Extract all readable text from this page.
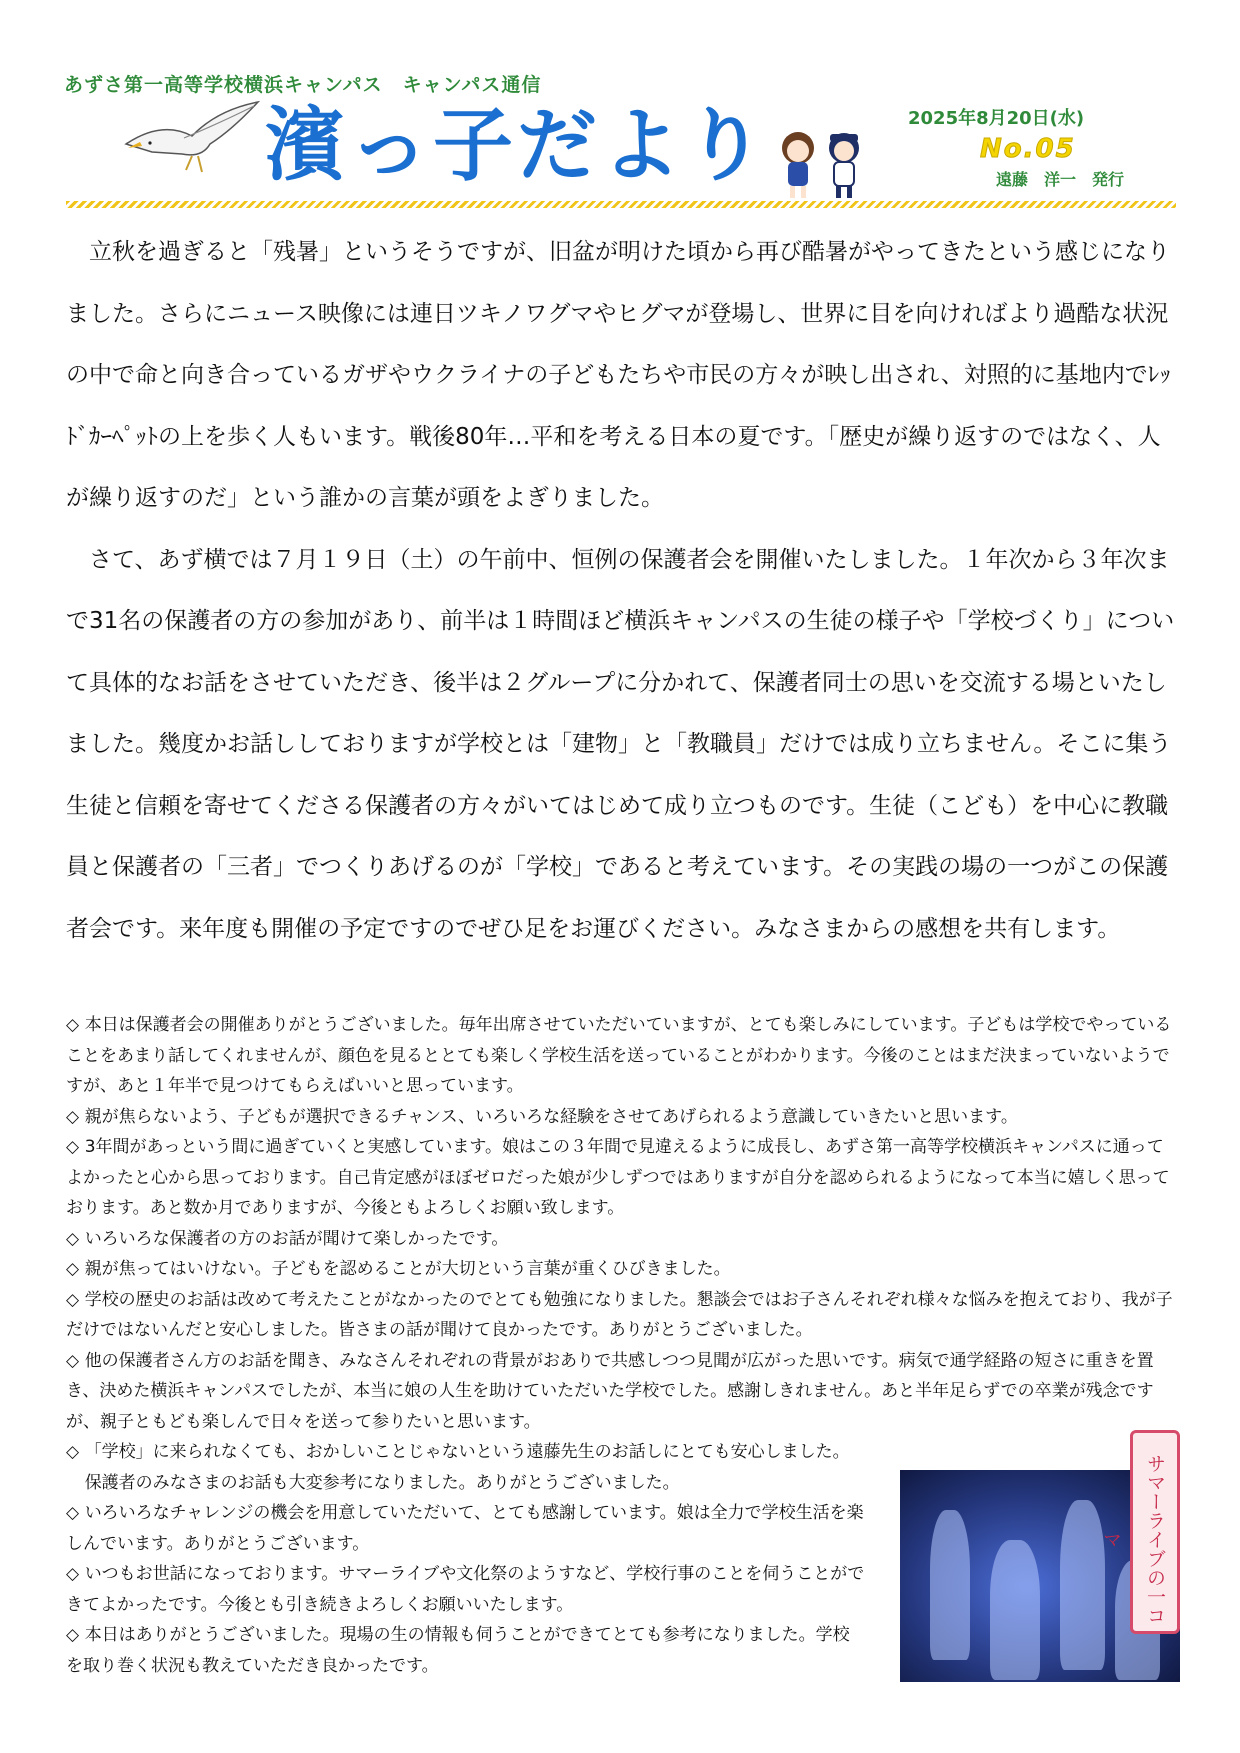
あずさ第一高等学校横浜キャンパス　キャンパス通信
濱っ子だより	2025年8月20日(水)
No.05
遠藤　洋一　発行

立秋を過ぎると「残暑」というそうですが、旧盆が明けた頃から再び酷暑がやってきたという感じになりました。さらにニュース映像には連日ツキノワグマやヒグマが登場し、世界に目を向ければより過酷な状況の中で命と向き合っているガザやウクライナの子どもたちや市民の方々が映し出され、対照的に基地内でﾚｯﾄﾞｶｰﾍﾟｯﾄの上を歩く人もいます。戦後80年…平和を考える日本の夏です。「歴史が繰り返すのではなく、人が繰り返すのだ」という誰かの言葉が頭をよぎりました。

さて、あず横では７月１９日（土）の午前中、恒例の保護者会を開催いたしました。１年次から３年次まで31名の保護者の方の参加があり、前半は１時間ほど横浜キャンパスの生徒の様子や「学校づくり」について具体的なお話をさせていただき、後半は２グループに分かれて、保護者同士の思いを交流する場といたしました。幾度かお話ししておりますが学校とは「建物」と「教職員」だけでは成り立ちません。そこに集う生徒と信頼を寄せてくださる保護者の方々がいてはじめて成り立つものです。生徒（こども）を中心に教職員と保護者の「三者」でつくりあげるのが「学校」であると考えています。その実践の場の一つがこの保護者会です。来年度も開催の予定ですのでぜひ足をお運びください。みなさまからの感想を共有します。

◇ 本日は保護者会の開催ありがとうございました。毎年出席させていただいていますが、とても楽しみにしています。子どもは学校でやっていることをあまり話してくれませんが、顔色を見るととても楽しく学校生活を送っていることがわかります。今後のことはまだ決まっていないようですが、あと１年半で見つけてもらえばいいと思っています。
◇ 親が焦らないよう、子どもが選択できるチャンス、いろいろな経験をさせてあげられるよう意識していきたいと思います。
◇ 3年間があっという間に過ぎていくと実感しています。娘はこの３年間で見違えるように成長し、あずさ第一高等学校横浜キャンパスに通ってよかったと心から思っております。自己肯定感がほぼゼロだった娘が少しずつではありますが自分を認められるようになって本当に嬉しく思っております。あと数か月でありますが、今後ともよろしくお願い致します。
◇ いろいろな保護者の方のお話が聞けて楽しかったです。
◇ 親が焦ってはいけない。子どもを認めることが大切という言葉が重くひびきました。
◇ 学校の歴史のお話は改めて考えたことがなかったのでとても勉強になりました。懇談会ではお子さんそれぞれ様々な悩みを抱えており、我が子だけではないんだと安心しました。皆さまの話が聞けて良かったです。ありがとうございました。
◇ 他の保護者さん方のお話を聞き、みなさんそれぞれの背景がおありで共感しつつ見聞が広がった思いです。病気で通学経路の短さに重きを置き、決めた横浜キャンパスでしたが、本当に娘の人生を助けていただいた学校でした。感謝しきれません。あと半年足らずでの卒業が残念ですが、親子ともども楽しんで日々を送って参りたいと思います。
◇ 「学校」に来られなくても、おかしいことじゃないという遠藤先生のお話しにとても安心しました。
保護者のみなさまのお話も大変参考になりました。ありがとうございました。
◇ いろいろなチャレンジの機会を用意していただいて、とても感謝しています。娘は全力で学校生活を楽しんでいます。ありがとうございます。
◇ いつもお世話になっております。サマーライブや文化祭のようすなど、学校行事のことを伺うことができてよかったです。今後とも引き続きよろしくお願いいたします。
◇ 本日はありがとうございました。現場の生の情報も伺うことができてとても参考になりました。学校を取り巻く状況も教えていただき良かったです。
サマーライブの一コマ
